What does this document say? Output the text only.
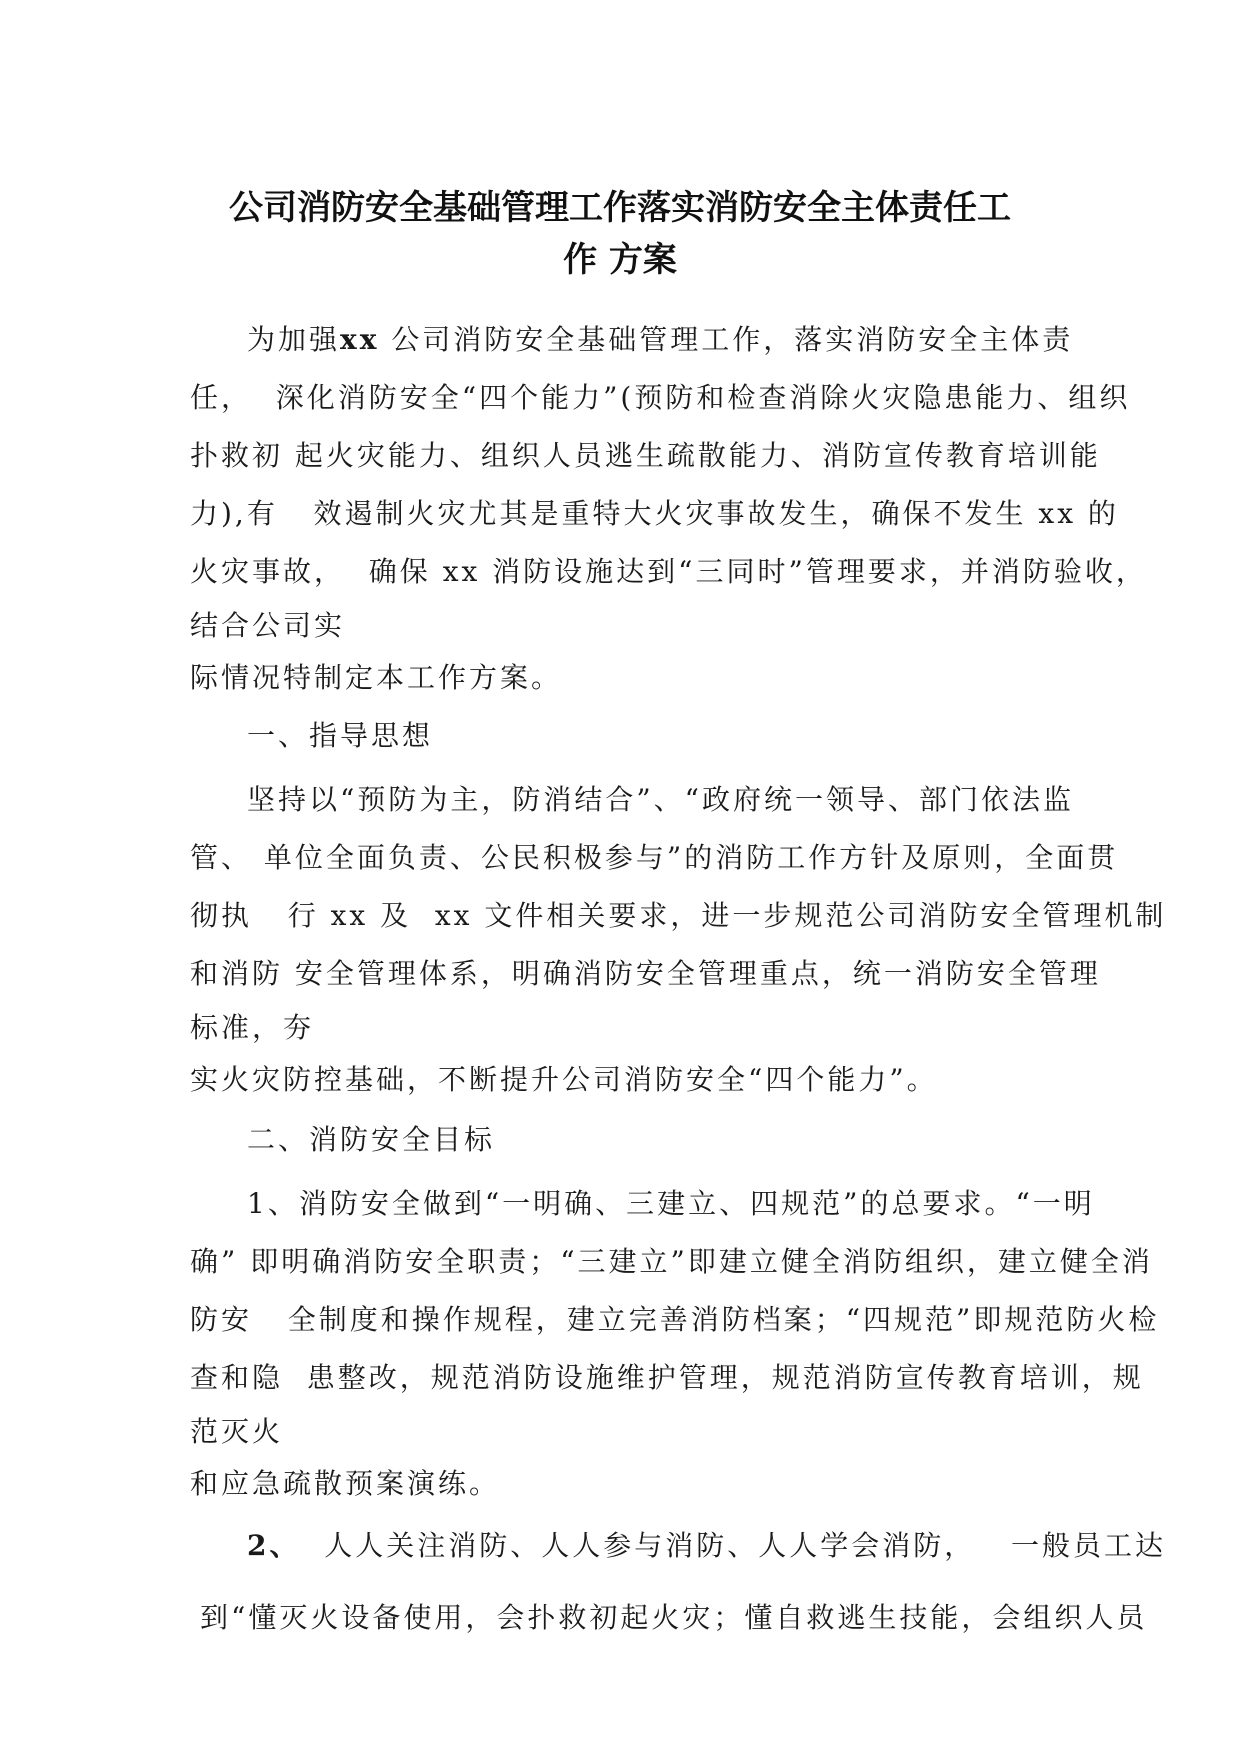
公司消防安全基础管理工作落实消防安全主体责任工
作 方案
为加强xx 公司消防安全基础管理工作，落实消防安全主体责
任，  深化消防安全“四个能力”(预防和检查消除火灾隐患能力、组织
扑救初 起火灾能力、组织人员逃生疏散能力、消防宣传教育培训能
力),有   效遏制火灾尤其是重特大火灾事故发生，确保不发生 xx 的
火灾事故，  确保 xx 消防设施达到“三同时”管理要求，并消防验收，
结合公司实
际情况特制定本工作方案。
一、指导思想
坚持以“预防为主，防消结合”、“政府统一领导、部门依法监
管、 单位全面负责、公民积极参与”的消防工作方针及原则，全面贯
彻执   行 xx 及  xx 文件相关要求，进一步规范公司消防安全管理机制
和消防 安全管理体系，明确消防安全管理重点，统一消防安全管理
标准，夯
实火灾防控基础，不断提升公司消防安全“四个能力”。
二、消防安全目标
1、消防安全做到“一明确、三建立、四规范”的总要求。“一明
确” 即明确消防安全职责；“三建立”即建立健全消防组织，建立健全消
防安   全制度和操作规程，建立完善消防档案；“四规范”即规范防火检
查和隐  患整改，规范消防设施维护管理，规范消防宣传教育培训，规
范灭火
和应急疏散预案演练。
2、  人人关注消防、人人参与消防、人人学会消防，   一般员工达
到“懂灭火设备使用，会扑救初起火灾；懂自救逃生技能，会组织人员
